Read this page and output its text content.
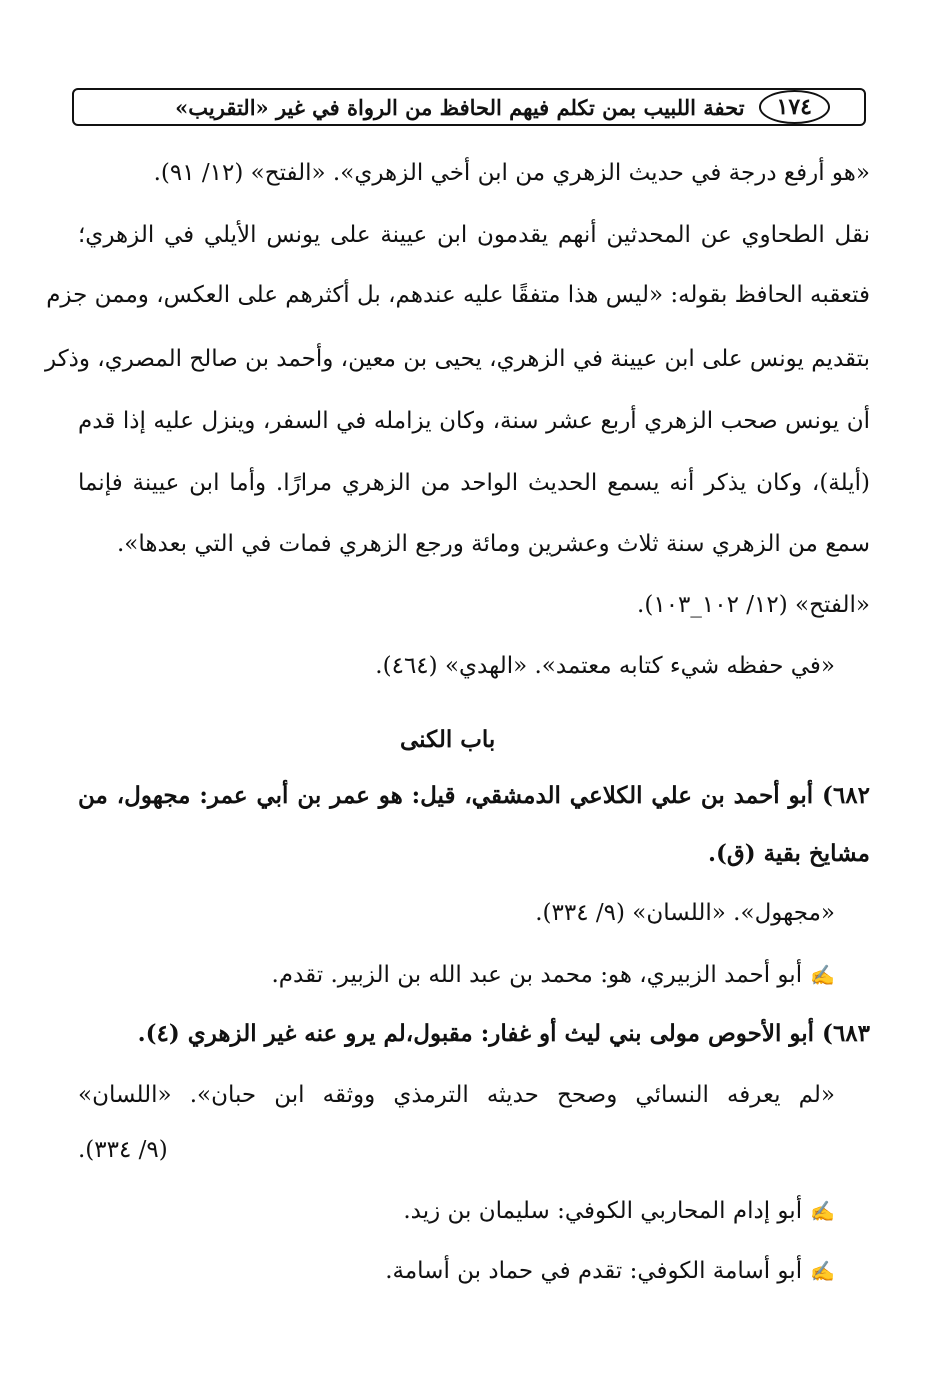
١٧٤
تحفة اللبيب بمن تكلم فيهم الحافظ من الرواة في غير «التقريب»
«هو أرفع درجة في حديث الزهري من ابن أخي الزهري». «الفتح» (١٢/ ٩١).
نقل الطحاوي عن المحدثين أنهم يقدمون ابن عيينة على يونس الأيلي في الزهري؛
فتعقبه الحافظ بقوله: «ليس هذا متفقًا عليه عندهم، بل أكثرهم على العكس، وممن جزم
بتقديم يونس على ابن عيينة في الزهري، يحيى بن معين، وأحمد بن صالح المصري، وذكر
أن يونس صحب الزهري أربع عشر سنة، وكان يزامله في السفر، وينزل عليه إذا قدم
(أيلة)، وكان يذكر أنه يسمع الحديث الواحد من الزهري مرارًا. وأما ابن عيينة فإنما
سمع من الزهري سنة ثلاث وعشرين ومائة ورجع الزهري فمات في التي بعدها».
«الفتح» (١٢/ ١٠٢_١٠٣).
«في حفظه شيء كتابه معتمد». «الهدي» (٤٦٤).
باب الكنى
٦٨٢) أبو أحمد بن علي الكلاعي الدمشقي، قيل: هو عمر بن أبي عمر: مجهول، من
مشايخ بقية (ق).
«مجهول». «اللسان» (٩/ ٣٣٤).
✍أبو أحمد الزبيري، هو: محمد بن عبد الله بن الزبير. تقدم.
٦٨٣) أبو الأحوص مولى بني ليث أو غفار: مقبول،لم يرو عنه غير الزهري (٤).
«لم يعرفه النسائي وصحح حديثه الترمذي ووثقه ابن حبان». «اللسان»
(٩/ ٣٣٤).
✍أبو إدام المحاربي الكوفي: سليمان بن زيد.
✍أبو أسامة الكوفي: تقدم في حماد بن أسامة.
